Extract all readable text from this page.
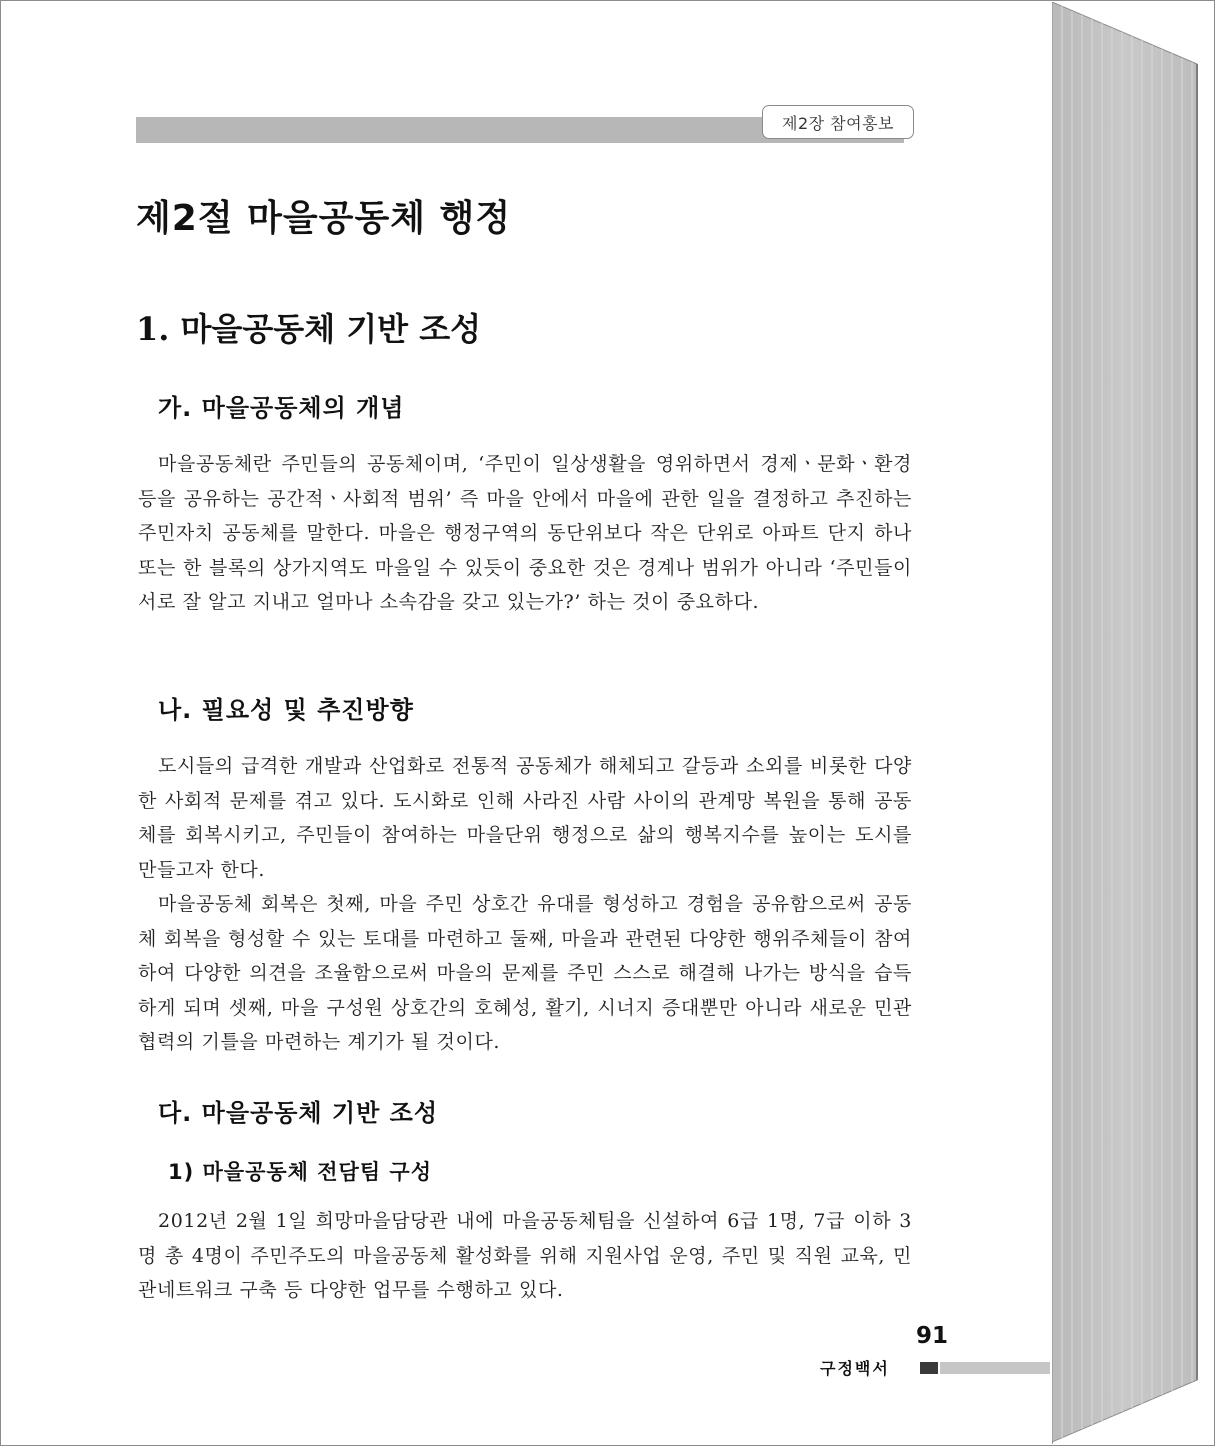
제2장 참여홍보
제2절 마을공동체 행정
1. 마을공동체 기반 조성
가. 마을공동체의 개념

마을공동체란 주민들의 공동체이며, ‘주민이 일상생활을 영위하면서 경제ㆍ문화ㆍ환경 등을 공유하는 공간적ㆍ사회적 범위’ 즉 마을 안에서 마을에 관한 일을 결정하고 추진하는 주민자치 공동체를 말한다. 마을은 행정구역의 동단위보다 작은 단위로 아파트 단지 하나 또는 한 블록의 상가지역도 마을일 수 있듯이 중요한 것은 경계나 범위가 아니라 ‘주민들이 서로 잘 알고 지내고 얼마나 소속감을 갖고 있는가?’ 하는 것이 중요하다.

나. 필요성 및 추진방향

도시들의 급격한 개발과 산업화로 전통적 공동체가 해체되고 갈등과 소외를 비롯한 다양한 사회적 문제를 겪고 있다. 도시화로 인해 사라진 사람 사이의 관계망 복원을 통해 공동체를 회복시키고, 주민들이 참여하는 마을단위 행정으로 삶의 행복지수를 높이는 도시를 만들고자 한다.

마을공동체 회복은 첫째, 마을 주민 상호간 유대를 형성하고 경험을 공유함으로써 공동체 회복을 형성할 수 있는 토대를 마련하고 둘째, 마을과 관련된 다양한 행위주체들이 참여하여 다양한 의견을 조율함으로써 마을의 문제를 주민 스스로 해결해 나가는 방식을 습득하게 되며 셋째, 마을 구성원 상호간의 호혜성, 활기, 시너지 증대뿐만 아니라 새로운 민관협력의 기틀을 마련하는 계기가 될 것이다.

다. 마을공동체 기반 조성
1) 마을공동체 전담팀 구성

2012년 2월 1일 희망마을담당관 내에 마을공동체팀을 신설하여 6급 1명, 7급 이하 3명 총 4명이 주민주도의 마을공동체 활성화를 위해 지원사업 운영, 주민 및 직원 교육, 민관네트워크 구축 등 다양한 업무를 수행하고 있다.

91
구정백서
